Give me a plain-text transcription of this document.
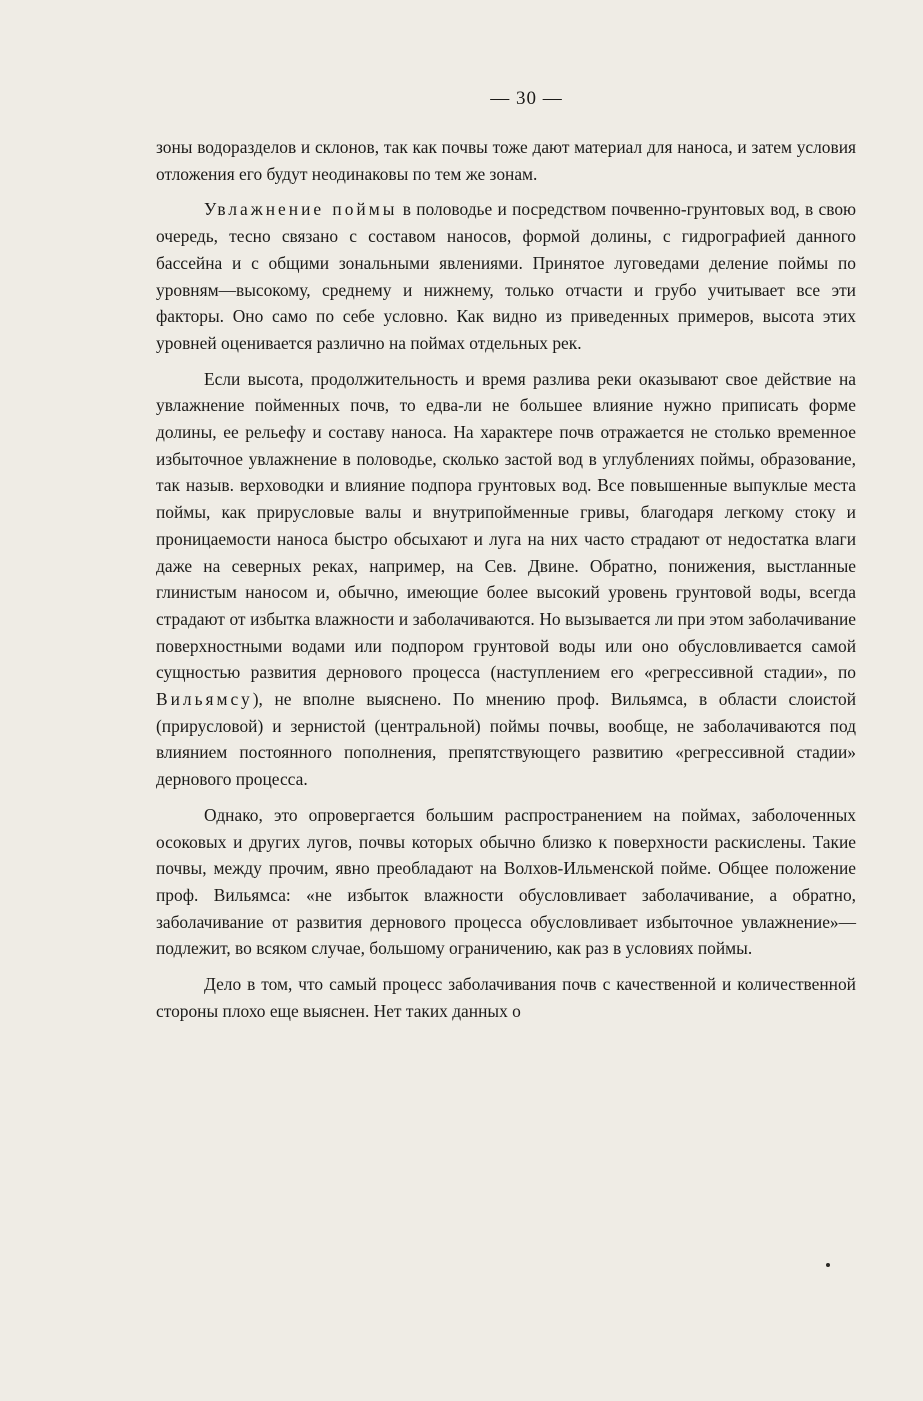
— 30 —

зоны водоразделов и склонов, так как почвы тоже дают материал для наноса, и затем условия отложения его будут неодинаковы по тем же зонам.

Увлажнение поймы в половодье и посредством почвенно-грунтовых вод, в свою очередь, тесно связано с составом наносов, формой долины, с гидрографией данного бассейна и с общими зональными явлениями. Принятое луговедами деление поймы по уровням—высокому, среднему и нижнему, только отчасти и грубо учитывает все эти факторы. Оно само по себе условно. Как видно из приведенных примеров, высота этих уровней оценивается различно на поймах отдельных рек.

Если высота, продолжительность и время разлива реки оказывают свое действие на увлажнение пойменных почв, то едва-ли не большее влияние нужно приписать форме долины, ее рельефу и составу наноса. На характере почв отражается не столько временное избыточное увлажнение в половодье, сколько застой вод в углублениях поймы, образование, так назыв. верховодки и влияние подпора грунтовых вод. Все повышенные выпуклые места поймы, как прирусловые валы и внутрипойменные гривы, благодаря легкому стоку и проницаемости наноса быстро обсыхают и луга на них часто страдают от недостатка влаги даже на северных реках, например, на Сев. Двине. Обратно, понижения, выстланные глинистым наносом и, обычно, имеющие более высокий уровень грунтовой воды, всегда страдают от избытка влажности и заболачиваются. Но вызывается ли при этом заболачивание поверхностными водами или подпором грунтовой воды или оно обусловливается самой сущностью развития дернового процесса (наступлением его «регрессивной стадии», по Вильямсу), не вполне выяснено. По мнению проф. Вильямса, в области слоистой (прирусловой) и зернистой (центральной) поймы почвы, вообще, не заболачиваются под влиянием постоянного пополнения, препятствующего развитию «регрессивной стадии» дернового процесса.

Однако, это опровергается большим распространением на поймах, заболоченных осоковых и других лугов, почвы которых обычно близко к поверхности раскислены. Такие почвы, между прочим, явно преобладают на Волхов-Ильменской пойме. Общее положение проф. Вильямса: «не избыток влажности обусловливает заболачивание, а обратно, заболачивание от развития дернового процесса обусловливает избыточное увлажнение»—подлежит, во всяком случае, большому ограничению, как раз в условиях поймы.

Дело в том, что самый процесс заболачивания почв с качественной и количественной стороны плохо еще выяснен. Нет таких данных о
